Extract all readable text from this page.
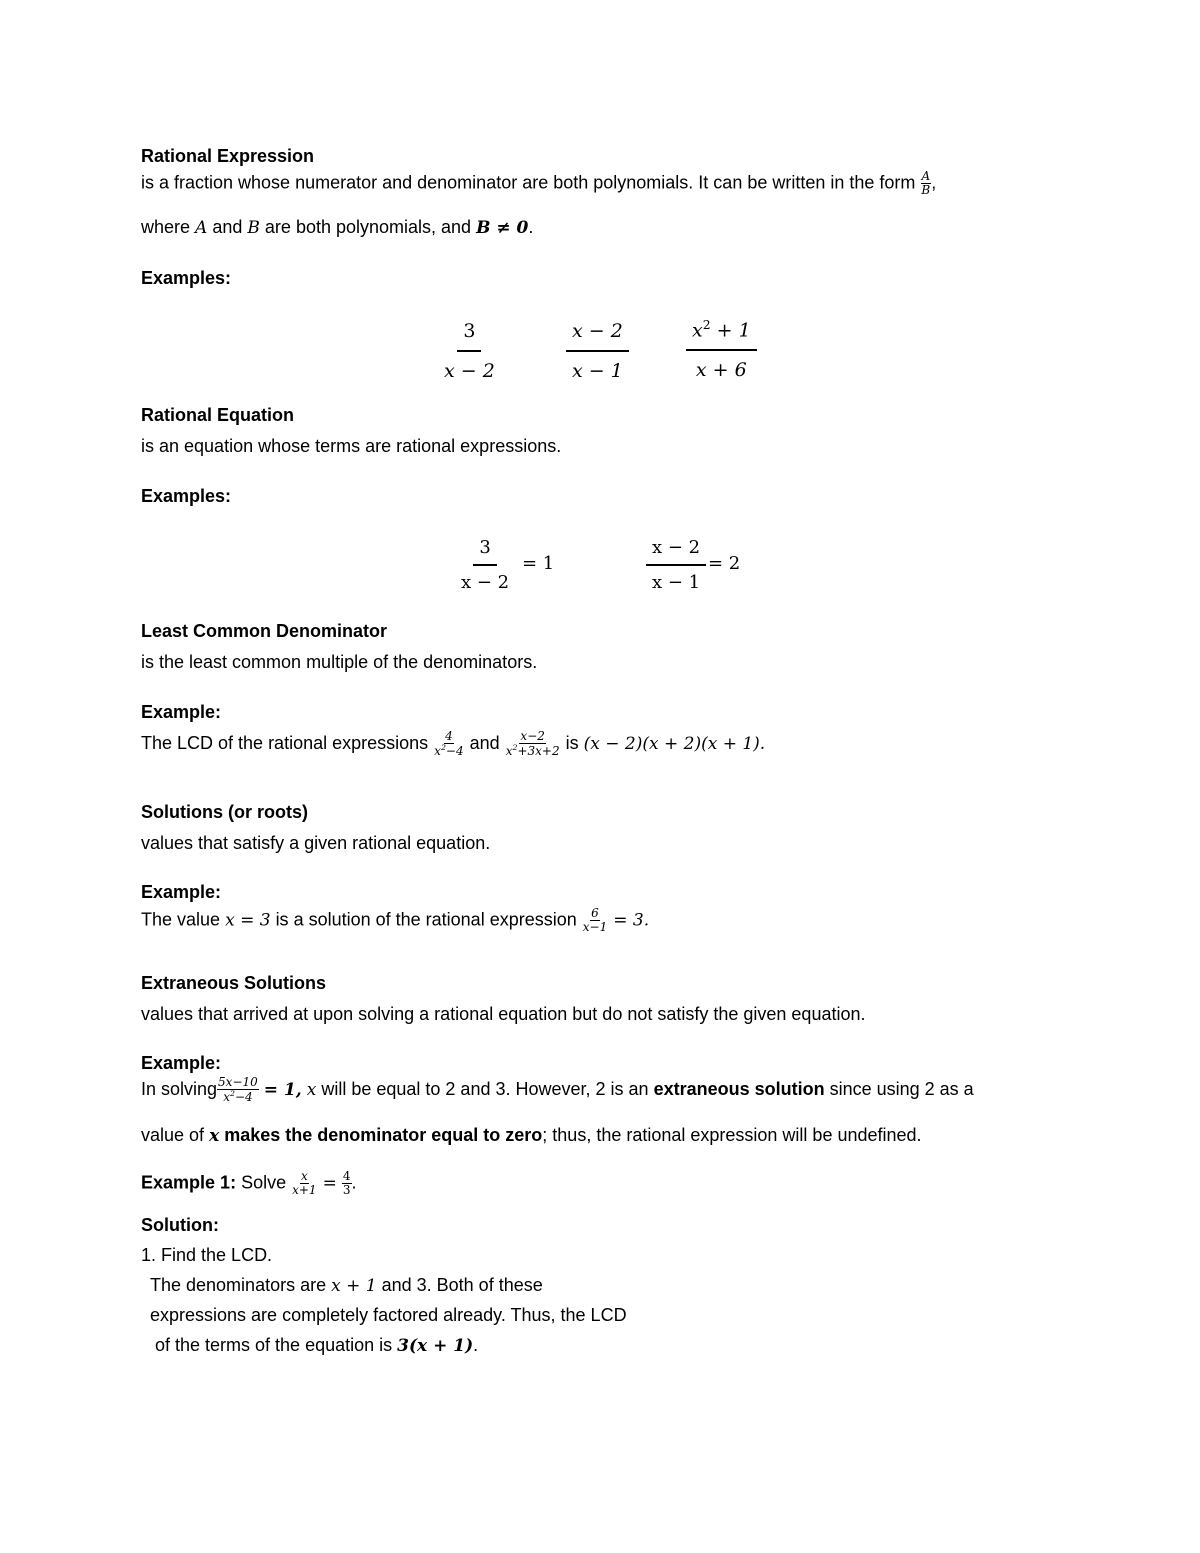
Rational Expression
is a fraction whose numerator and denominator are both polynomials. It can be written in the form $\frac{A}{B}$ ,
where A and B are both polynomials, and B ≠ 0.
Examples:
3
x − 2
x − 2
x − 1
$x^2 + 1$
x + 6
Rational Equation
is an equation whose terms are rational expressions.
Examples:
3
x − 2
= 1
x − 2
x − 1
= 2
Least Common Denominator
is the least common multiple of the denominators.
Example:
The LCD of the rational expressions $\frac{4}{x^2-4}$ and $\frac{x-2}{x^2+3x+2}$ is (x − 2)(x + 2)(x + 1).
Solutions (or roots)
values that satisfy a given rational equation.
Example:
The value x = 3 is a solution of the rational expression $\frac{6}{x-1} = 3$.
Extraneous Solutions
values that arrived at upon solving a rational equation but do not satisfy the given equation.
Example:
In solving $\frac{5x-10}{x^2-4} = 1$, x will be equal to 2 and 3. However, 2 is an extraneous solution since using 2 as a
value of x makes the denominator equal to zero; thus, the rational expression will be undefined.
Example 1: Solve $\frac{x}{x+1} = \frac{4}{3}$ .
Solution:
1. Find the LCD.
The denominators are x + 1 and 3. Both of these
expressions are completely factored already. Thus, the LCD
of the terms of the equation is 3(x + 1).
